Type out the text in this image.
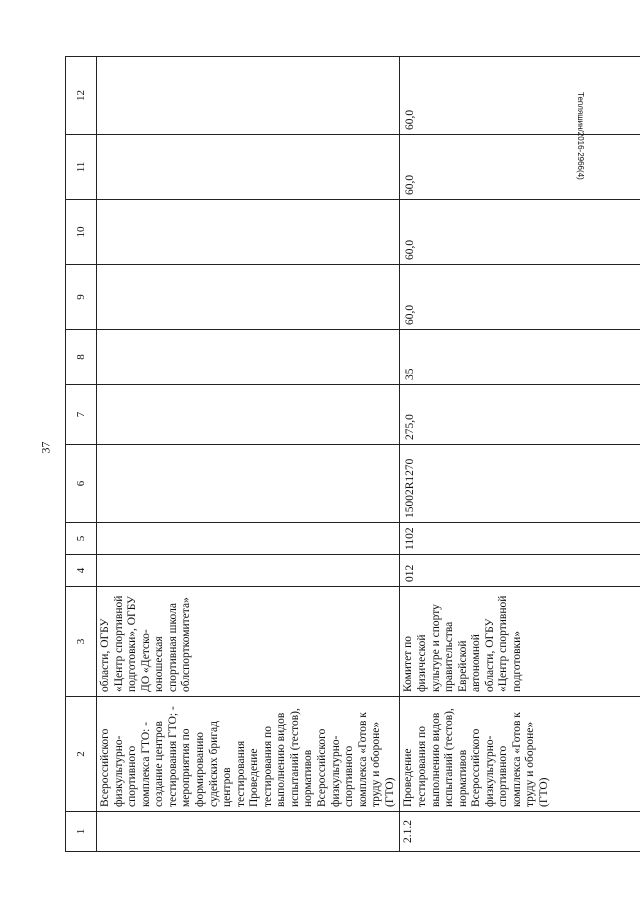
37
Тепляшин/2016-2966(4)
1	2	3	4	5	6	7	8	9	10	11	12
	Всероссийского физкультурно-спортивного комплекса ГТО: - создание центров тестирования ГТО; - мероприятия по формированию судейских бригад центров тестирования Проведение тестирования по выполнению видов испытаний (тестов), нормативов Всероссийского физкультурно-спортивного комплекса «Готов к труду и обороне» (ГТО)	области, ОГБУ «Центр спортивной подготовки», ОГБУ ДО «Детско-юношеская спортивная школа облспорткомитета»									
2.1.2	Проведение тестирования по выполнению видов испытаний (тестов), нормативов Всероссийского физкультурно-спортивного комплекса «Готов к труду и обороне» (ГТО)	Комитет по физической культуре и спорту правительства Еврейской автономной области, ОГБУ «Центр спортивной подготовки»	012	1102	15002R1270	275,0	35	60,0	60,0	60,0	60,0
